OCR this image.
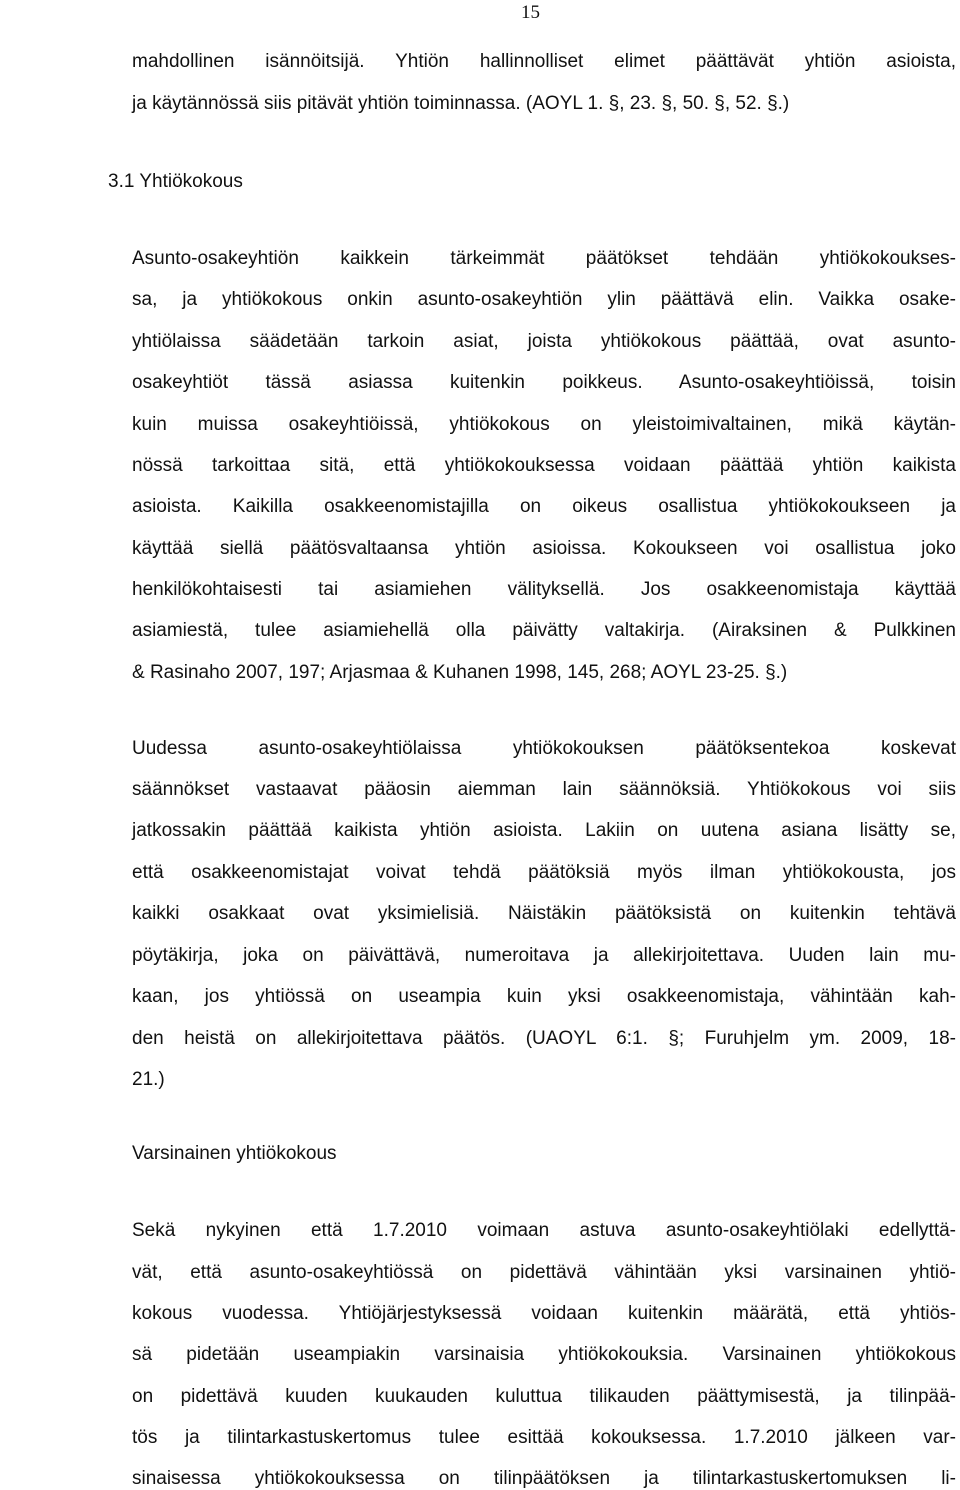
15
mahdollinen isännöitsijä. Yhtiön hallinnolliset elimet päättävät yhtiön asioista,
ja käytännössä siis pitävät yhtiön toiminnassa. (AOYL 1. §, 23. §, 50. §, 52. §.)
3.1 Yhtiökokous
Asunto-osakeyhtiön kaikkein tärkeimmät päätökset tehdään yhtiökokoukses-
sa, ja yhtiökokous onkin asunto-osakeyhtiön ylin päättävä elin. Vaikka osake-
yhtiölaissa säädetään tarkoin asiat, joista yhtiökokous päättää, ovat asunto-
osakeyhtiöt tässä asiassa kuitenkin poikkeus. Asunto-osakeyhtiöissä, toisin
kuin muissa osakeyhtiöissä, yhtiökokous on yleistoimivaltainen, mikä käytän-
nössä tarkoittaa sitä, että yhtiökokouksessa voidaan päättää yhtiön kaikista
asioista. Kaikilla osakkeenomistajilla on oikeus osallistua yhtiökokoukseen ja
käyttää siellä päätösvaltaansa yhtiön asioissa. Kokoukseen voi osallistua joko
henkilökohtaisesti tai asiamiehen välityksellä. Jos osakkeenomistaja käyttää
asiamiestä, tulee asiamiehellä olla päivätty valtakirja. (Airaksinen & Pulkkinen
& Rasinaho 2007, 197; Arjasmaa & Kuhanen 1998, 145, 268; AOYL 23-25. §.)
Uudessa asunto-osakeyhtiölaissa yhtiökokouksen päätöksentekoa koskevat
säännökset vastaavat pääosin aiemman lain säännöksiä. Yhtiökokous voi siis
jatkossakin päättää kaikista yhtiön asioista. Lakiin on uutena asiana lisätty se,
että osakkeenomistajat voivat tehdä päätöksiä myös ilman yhtiökokousta, jos
kaikki osakkaat ovat yksimielisiä. Näistäkin päätöksistä on kuitenkin tehtävä
pöytäkirja, joka on päivättävä, numeroitava ja allekirjoitettava. Uuden lain mu-
kaan, jos yhtiössä on useampia kuin yksi osakkeenomistaja, vähintään kah-
den heistä on allekirjoitettava päätös. (UAOYL 6:1. §; Furuhjelm ym. 2009, 18-
21.)
Varsinainen yhtiökokous
Sekä nykyinen että 1.7.2010 voimaan astuva asunto-osakeyhtiölaki edellyttä-
vät, että asunto-osakeyhtiössä on pidettävä vähintään yksi varsinainen yhtiö-
kokous vuodessa. Yhtiöjärjestyksessä voidaan kuitenkin määrätä, että yhtiös-
sä pidetään useampiakin varsinaisia yhtiökokouksia. Varsinainen yhtiökokous
on pidettävä kuuden kuukauden kuluttua tilikauden päättymisestä, ja tilinpää-
tös ja tilintarkastuskertomus tulee esittää kokouksessa. 1.7.2010 jälkeen var-
sinaisessa yhtiökokouksessa on tilinpäätöksen ja tilintarkastuskertomuksen li-
